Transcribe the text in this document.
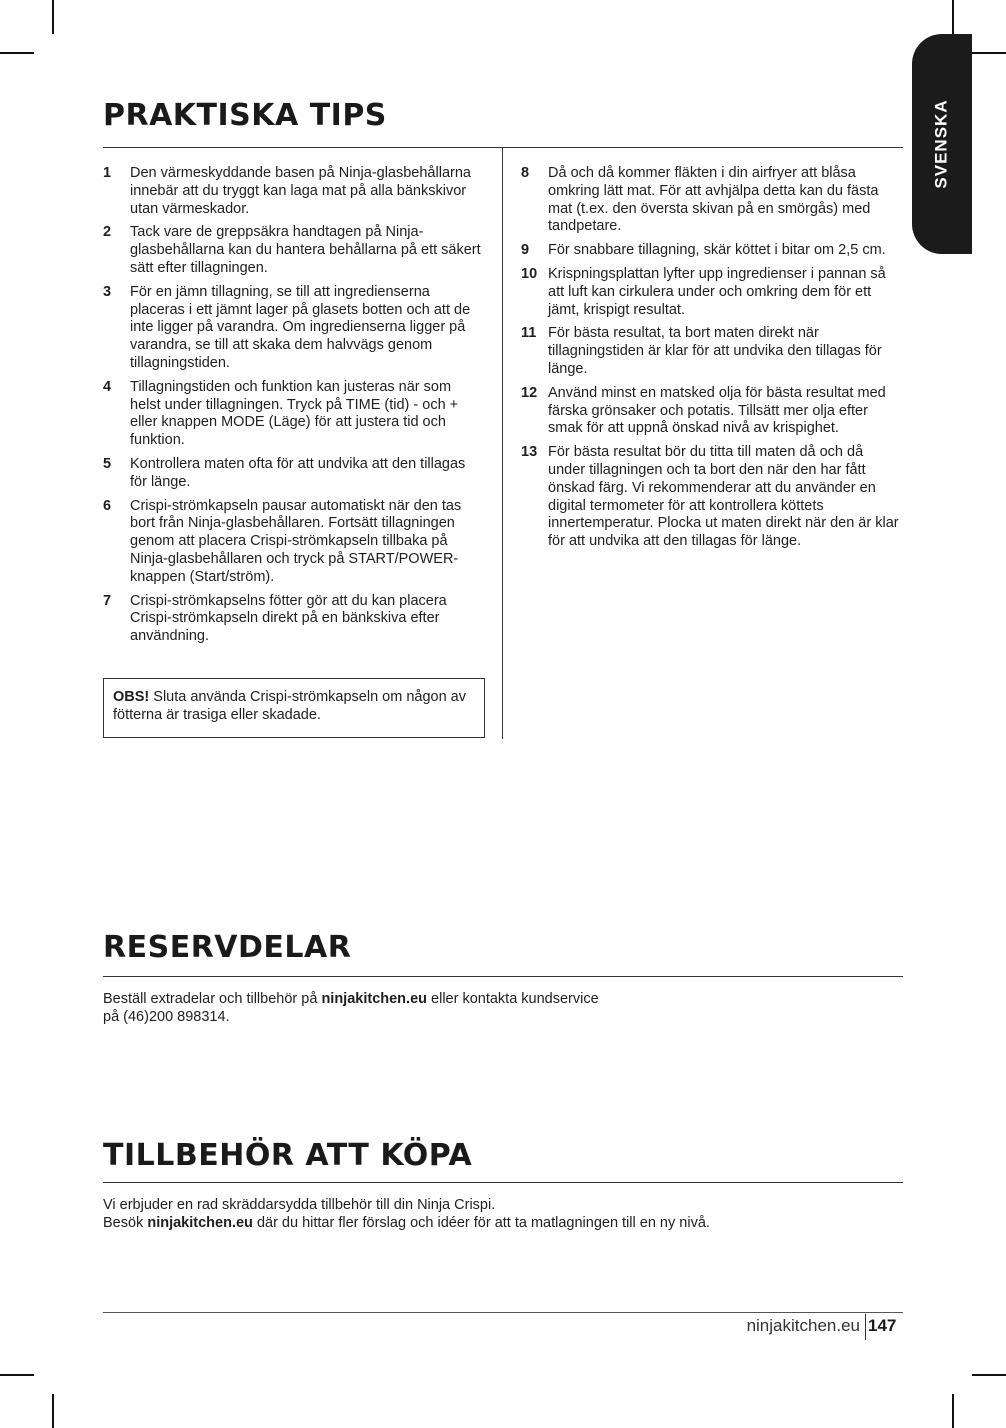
SVENSKA
PRAKTISKA TIPS
1 Den värmeskyddande basen på Ninja-glasbehållarna innebär att du tryggt kan laga mat på alla bänkskivor utan värmeskador.
2 Tack vare de greppsäkra handtagen på Ninja-glasbehållarna kan du hantera behållarna på ett säkert sätt efter tillagningen.
3 För en jämn tillagning, se till att ingredienserna placeras i ett jämnt lager på glasets botten och att de inte ligger på varandra. Om ingredienserna ligger på varandra, se till att skaka dem halvvägs genom tillagningstiden.
4 Tillagningstiden och funktion kan justeras när som helst under tillagningen. Tryck på TIME (tid) - och + eller knappen MODE (Läge) för att justera tid och funktion.
5 Kontrollera maten ofta för att undvika att den tillagas för länge.
6 Crispi-strömkapseln pausar automatiskt när den tas bort från Ninja-glasbehållaren. Fortsätt tillagningen genom att placera Crispi-strömkapseln tillbaka på Ninja-glasbehållaren och tryck på START/POWER-knappen (Start/ström).
7 Crispi-strömkapselns fötter gör att du kan placera Crispi-strömkapseln direkt på en bänkskiva efter användning.
8 Då och då kommer fläkten i din airfryer att blåsa omkring lätt mat. För att avhjälpa detta kan du fästa mat (t.ex. den översta skivan på en smörgås) med tandpetare.
9 För snabbare tillagning, skär köttet i bitar om 2,5 cm.
10 Krispningsplattan lyfter upp ingredienser i pannan så att luft kan cirkulera under och omkring dem för ett jämt, krispigt resultat.
11 För bästa resultat, ta bort maten direkt när tillagningstiden är klar för att undvika den tillagas för länge.
12 Använd minst en matsked olja för bästa resultat med färska grönsaker och potatis. Tillsätt mer olja efter smak för att uppnå önskad nivå av krispighet.
13 För bästa resultat bör du titta till maten då och då under tillagningen och ta bort den när den har fått önskad färg. Vi rekommenderar att du använder en digital termometer för att kontrollera köttets innertemperatur. Plocka ut maten direkt när den är klar för att undvika att den tillagas för länge.
OBS! Sluta använda Crispi-strömkapseln om någon av fötterna är trasiga eller skadade.
RESERVDELAR
Beställ extradelar och tillbehör på ninjakitchen.eu eller kontakta kundservice
på (46)200 898314.
TILLBEHÖR ATT KÖPA
Vi erbjuder en rad skräddarsydda tillbehör till din Ninja Crispi.
Besök ninjakitchen.eu där du hittar fler förslag och idéer för att ta matlagningen till en ny nivå.
ninjakitchen.eu 147
